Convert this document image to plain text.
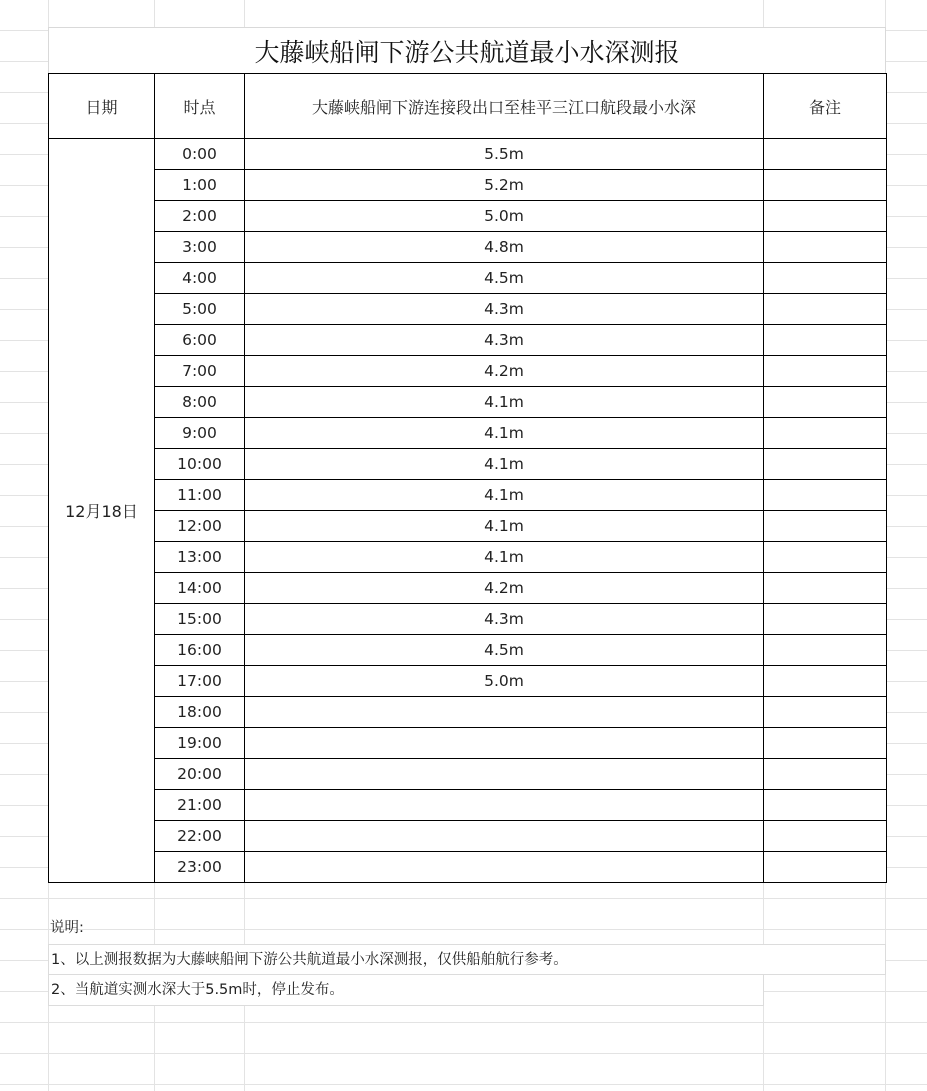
大藤峡船闸下游公共航道最小水深测报
日期	时点	大藤峡船闸下游连接段出口至桂平三江口航段最小水深	备注
12月18日	0:00	5.5m	
	1:00	5.2m	
	2:00	5.0m	
	3:00	4.8m	
	4:00	4.5m	
	5:00	4.3m	
	6:00	4.3m	
	7:00	4.2m	
	8:00	4.1m	
	9:00	4.1m	
	10:00	4.1m	
	11:00	4.1m	
	12:00	4.1m	
	13:00	4.1m	
	14:00	4.2m	
	15:00	4.3m	
	16:00	4.5m	
	17:00	5.0m	
	18:00		
	19:00		
	20:00		
	21:00		
	22:00		
	23:00		
说明:
1、以上测报数据为大藤峡船闸下游公共航道最小水深测报，仅供船舶航行参考。
2、当航道实测水深大于5.5m时，停止发布。
